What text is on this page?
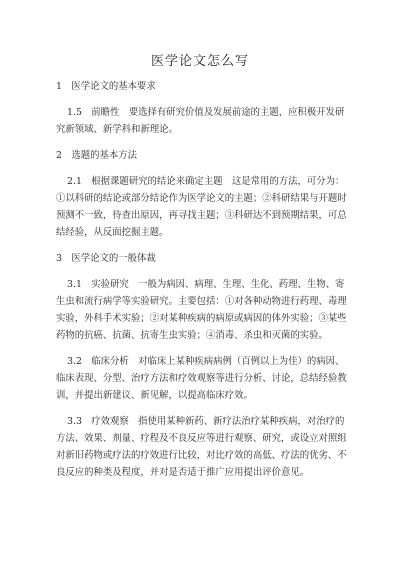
医学论文怎么写

1　医学论文的基本要求

1.5　前瞻性　要选择有研究价值及发展前途的主题，应积极开发研究新领域、新学科和新理论。

2　选题的基本方法

2.1　根据课题研究的结论来确定主题　这是常用的方法，可分为：①以科研的结论或部分结论作为医学论文的主题；②科研结果与开题时预测不一致，待查出原因，再寻找主题；③科研达不到预期结果，可总结经验，从反面挖掘主题。

3　医学论文的一般体裁

3.1　实验研究　一般为病因、病理、生理、生化、药理、生物、寄生虫和流行病学等实验研究。主要包括：①对各种动物进行药理、毒理实验，外科手术实验；②对某种疾病的病原或病因的体外实验；③某些药物的抗癌、抗菌、抗寄生虫实验；④消毒、杀虫和灭菌的实验。

3.2　临床分析　对临床上某种疾病病例（百例以上为佳）的病因、临床表现、分型、治疗方法和疗效观察等进行分析、讨论，总结经验教训，并提出新建议、新见解，以提高临床疗效。

3.3　疗效观察　指使用某种新药、新疗法治疗某种疾病，对治疗的方法、效果、剂量、疗程及不良反应等进行观察、研究，或设立对照组对新旧药物或疗法的疗效进行比较，对比疗效的高低、疗法的优劣、不良反应的种类及程度，并对是否适于推广应用提出评价意见。
